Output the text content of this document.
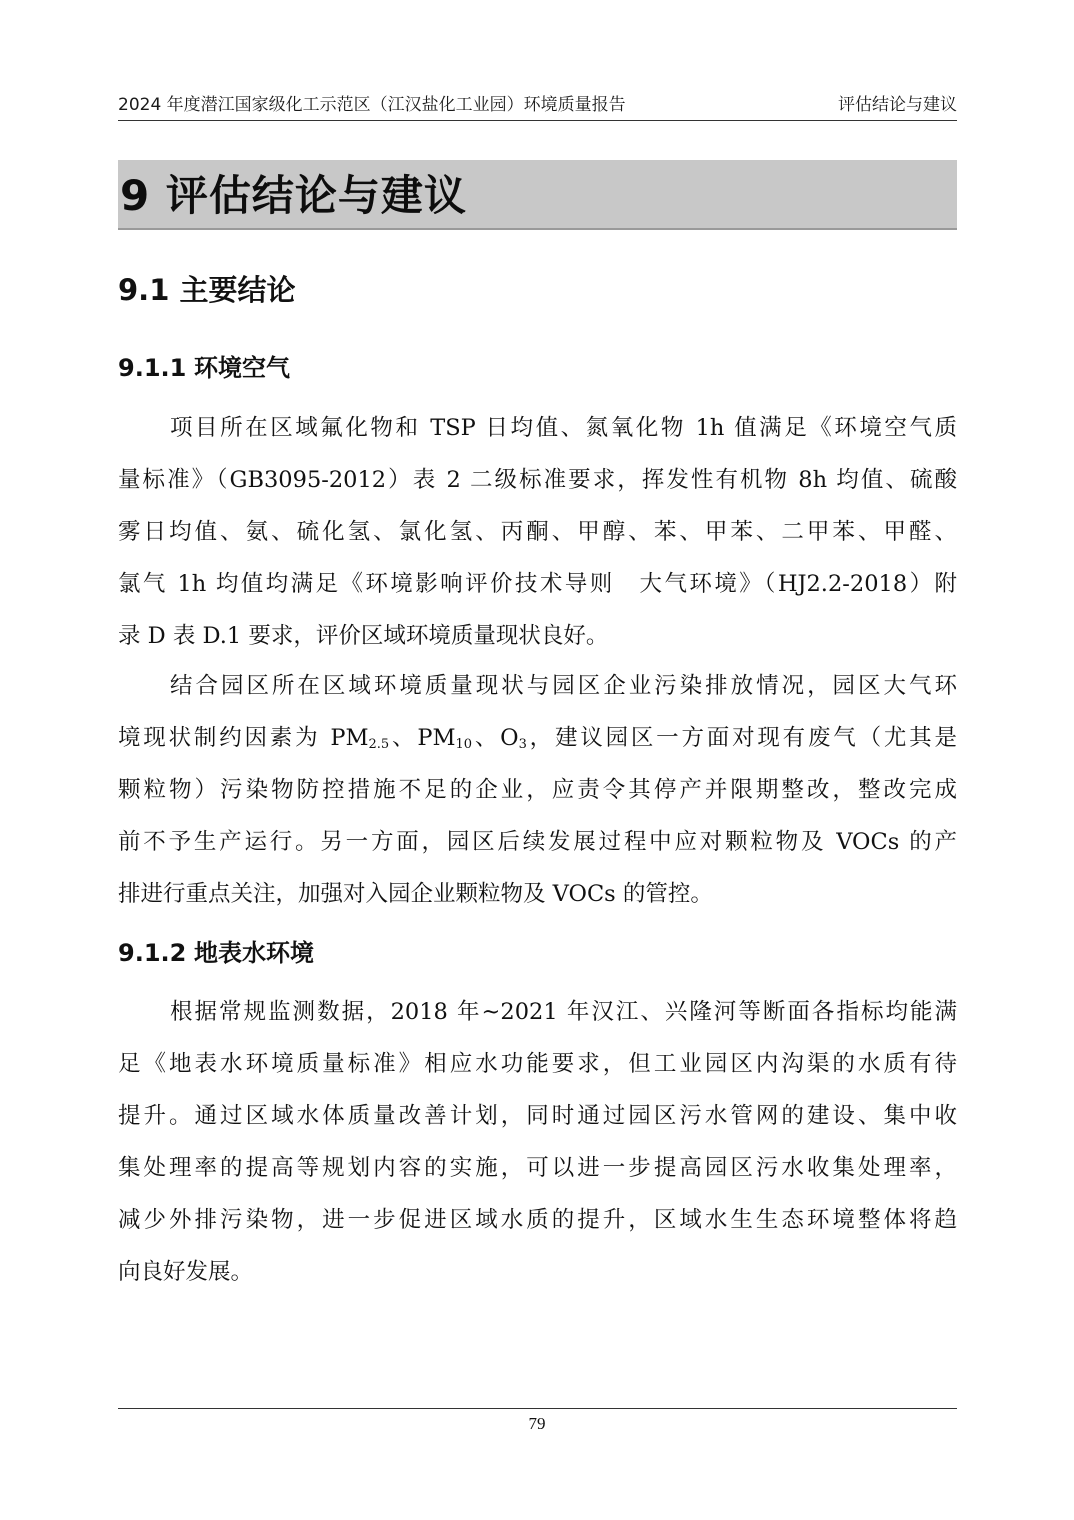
2024 年度潜江国家级化工示范区（江汉盐化工业园）环境质量报告	评估结论与建议
9 评估结论与建议
9.1 主要结论
9.1.1 环境空气
项目所在区域氟化物和 TSP 日均值、氮氧化物 1h 值满足《环境空气质
量标准》（GB3095-2012）表 2 二级标准要求，挥发性有机物 8h 均值、硫酸
雾日均值、氨、硫化氢、氯化氢、丙酮、甲醇、苯、甲苯、二甲苯、甲醛、
氯气 1h 均值均满足《环境影响评价技术导则　大气环境》（HJ2.2-2018）附
录 D 表 D.1 要求，评价区域环境质量现状良好。
结合园区所在区域环境质量现状与园区企业污染排放情况，园区大气环
境现状制约因素为 $PM_{2.5}$、$PM_{10}$、$O_3$，建议园区一方面对现有废气（尤其是
颗粒物）污染物防控措施不足的企业，应责令其停产并限期整改，整改完成
前不予生产运行。另一方面，园区后续发展过程中应对颗粒物及 VOCs 的产
排进行重点关注，加强对入园企业颗粒物及 VOCs 的管控。
9.1.2 地表水环境
根据常规监测数据，2018 年~2021 年汉江、兴隆河等断面各指标均能满
足《地表水环境质量标准》相应水功能要求，但工业园区内沟渠的水质有待
提升。通过区域水体质量改善计划，同时通过园区污水管网的建设、集中收
集处理率的提高等规划内容的实施，可以进一步提高园区污水收集处理率，
减少外排污染物，进一步促进区域水质的提升，区域水生生态环境整体将趋
向良好发展。
79
